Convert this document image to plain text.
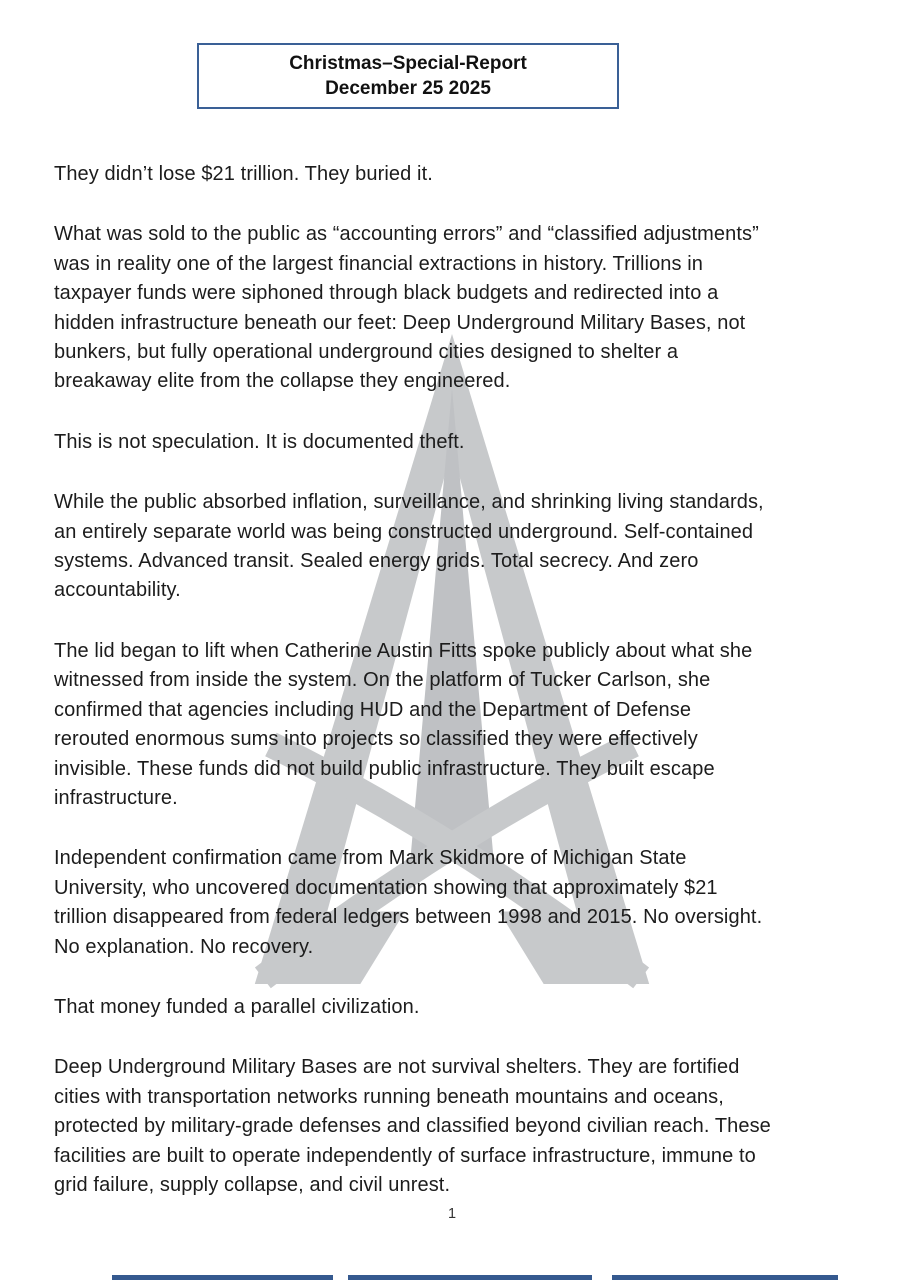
Christmas–Special-Report
December 25 2025

They didn’t lose $21 trillion. They buried it.

What was sold to the public as “accounting errors” and “classified adjustments”
was in reality one of the largest financial extractions in history. Trillions in
taxpayer funds were siphoned through black budgets and redirected into a
hidden infrastructure beneath our feet: Deep Underground Military Bases, not
bunkers, but fully operational underground cities designed to shelter a
breakaway elite from the collapse they engineered.

This is not speculation. It is documented theft.

While the public absorbed inflation, surveillance, and shrinking living standards,
an entirely separate world was being constructed underground. Self-contained
systems. Advanced transit. Sealed energy grids. Total secrecy. And zero
accountability.

The lid began to lift when Catherine Austin Fitts spoke publicly about what she
witnessed from inside the system. On the platform of Tucker Carlson, she
confirmed that agencies including HUD and the Department of Defense
rerouted enormous sums into projects so classified they were effectively
invisible. These funds did not build public infrastructure. They built escape
infrastructure.

Independent confirmation came from Mark Skidmore of Michigan State
University, who uncovered documentation showing that approximately $21
trillion disappeared from federal ledgers between 1998 and 2015. No oversight.
No explanation. No recovery.

That money funded a parallel civilization.

Deep Underground Military Bases are not survival shelters. They are fortified
cities with transportation networks running beneath mountains and oceans,
protected by military-grade defenses and classified beyond civilian reach. These
facilities are built to operate independently of surface infrastructure, immune to
grid failure, supply collapse, and civil unrest.

1
